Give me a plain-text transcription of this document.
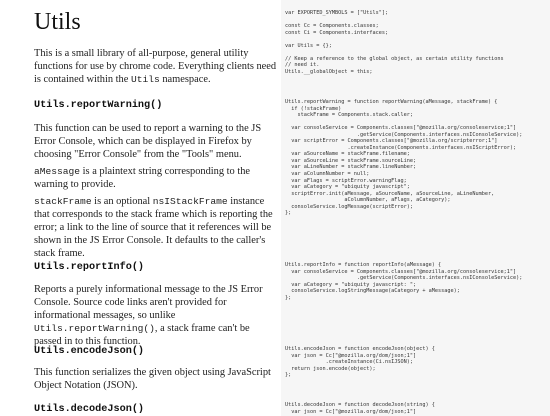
Utils

This is a small library of all-purpose, general utility functions for use by chrome code. Everything clients need is contained within the Utils namespace.

var EXPORTED_SYMBOLS = ["Utils"];

const Cc = Components.classes;
const Ci = Components.interfaces;

var Utils = {};

// Keep a reference to the global object, as certain utility functions
// need it.
Utils.__globalObject = this;
Utils.reportWarning()

This function can be used to report a warning to the JS Error Console, which can be displayed in Firefox by choosing "Error Console" from the "Tools" menu.

aMessage is a plaintext string corresponding to the warning to provide.

stackFrame is an optional nsIStackFrame instance that corresponds to the stack frame which is reporting the error; a link to the line of source that it references will be shown in the JS Error Console. It defaults to the caller's stack frame.

Utils.reportWarning = function reportWarning(aMessage, stackFrame) {
if (!stackFrame)
stackFrame = Components.stack.caller;

var consoleService = Components.classes["@mozilla.org/consoleservice;1"]
.getService(Components.interfaces.nsIConsoleService);
var scriptError = Components.classes["@mozilla.org/scripterror;1"]
.createInstance(Components.interfaces.nsIScriptError);
var aSourceName = stackFrame.filename;
var aSourceLine = stackFrame.sourceLine;
var aLineNumber = stackFrame.lineNumber;
var aColumnNumber = null;
var aFlags = scriptError.warningFlag;
var aCategory = "ubiquity javascript";
scriptError.init(aMessage, aSourceName, aSourceLine, aLineNumber,
aColumnNumber, aFlags, aCategory);
consoleService.logMessage(scriptError);
};
Utils.reportInfo()

Reports a purely informational message to the JS Error Console. Source code links aren't provided for informational messages, so unlike Utils.reportWarning(), a stack frame can't be passed in to this function.

Utils.reportInfo = function reportInfo(aMessage) {
var consoleService = Components.classes["@mozilla.org/consoleservice;1"]
.getService(Components.interfaces.nsIConsoleService);
var aCategory = "ubiquity javascript: ";
consoleService.logStringMessage(aCategory + aMessage);
};
Utils.encodeJson()

This function serializes the given object using JavaScript Object Notation (JSON).

Utils.encodeJson = function encodeJson(object) {
var json = Cc["@mozilla.org/dom/json;1"]
.createInstance(Ci.nsIJSON);
return json.encode(object);
};
Utils.decodeJson()	Utils.decodeJson = function decodeJson(string) {
var json = Cc["@mozilla.org/dom/json;1"]
